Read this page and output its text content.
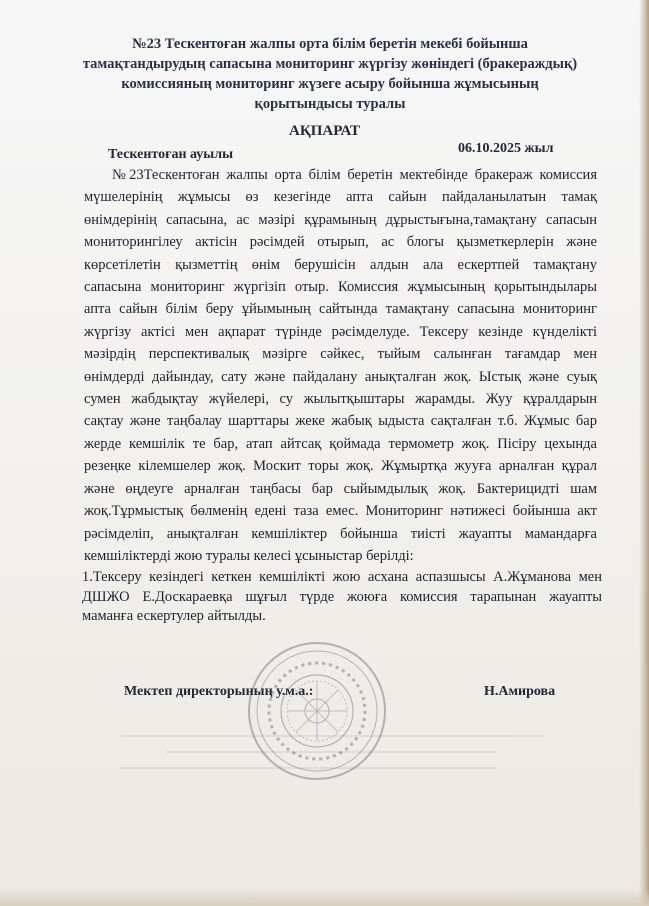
№23 Тескентоған жалпы орта білім беретін мекебі бойынша
тамақтандырудың сапасына мониторинг жүргізу жөніндегі (бракераждық)
комиссияның мониторинг жүзеге асыру бойынша жұмысының
қорытындысы туралы
АҚПАРАТ
Тескентоған ауылы	06.10.2025 жыл
№23Тескентоған жалпы орта білім беретін мектебінде бракераж комиссия
мүшелерінің жұмысы өз кезегінде апта сайын пайдаланылатын тамақ
өнімдерінің сапасына, ас мәзірі құрамының дұрыстығына,тамақтану сапасын
мониторингілеу актісін рәсімдей отырып, ас блогы қызметкерлерін және
көрсетілетін қызметтің өнім берушісін алдын ала ескертпей тамақтану
сапасына мониторинг жүргізіп отыр. Комиссия жұмысының қорытындылары
апта сайын білім беру ұйымының сайтында тамақтану сапасына мониторинг
жүргізу актісі мен ақпарат түрінде рәсімделуде. Тексеру кезінде күнделікті
мәзірдің перспективалық мәзірге сәйкес, тыйым салынған тағамдар мен
өнімдерді дайындау, сату және пайдалану анықталған жоқ. Ыстық және суық
сумен жабдықтау жүйелері, су жылытқыштары жарамды. Жуу құралдарын
сақтау және таңбалау шарттары жеке жабық ыдыста сақталған т.б. Жұмыс бар
жерде кемшілік те бар, атап айтсақ қоймада термометр жоқ. Пісіру цехында
резеңке кілемшелер жоқ. Москит торы жоқ. Жұмыртқа жууға арналған құрал
және өңдеуге арналған таңбасы бар сыйымдылық жоқ. Бактерицидті шам
жоқ.Тұрмыстық бөлменің едені таза емес. Мониторинг нәтижесі бойынша акт
рәсімделіп, анықталған кемшіліктер бойынша тиісті жауапты мамандарға
кемшіліктерді жою туралы келесі ұсыныстар берілді:
1.Тексеру кезіндегі кеткен кемшілікті жою асхана аспазшысы А.Жұманова мен
ДШЖО Е.Доскараевқа шұғыл түрде жоюға комиссия тарапынан жауапты
маманға ескертулер айтылды.
Мектеп директорының у.м.а.:	Н.Амирова
